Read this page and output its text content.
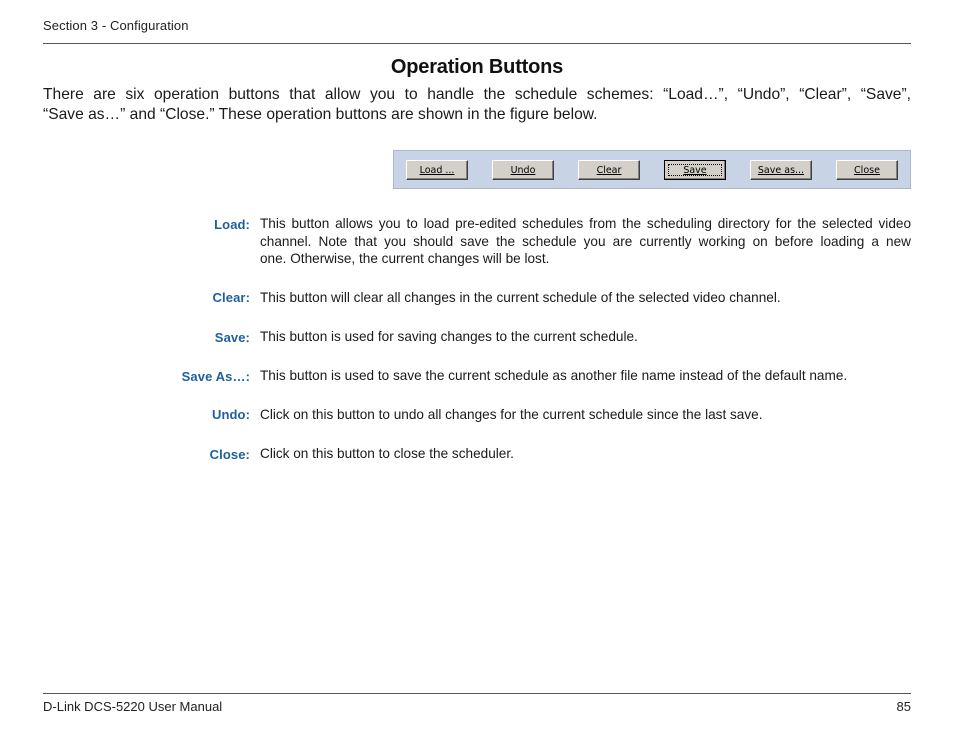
Section 3 - Configuration
Operation Buttons
There are six operation buttons that allow you to handle the schedule schemes: “Load…”, “Undo”, “Clear”, “Save”,
“Save as…” and “Close.” These operation buttons are shown in the figure below.
Load ...	Undo	Clear	Save	Save as...	Close
Load: This button allows you to load pre-edited schedules from the scheduling directory for the selected video
channel. Note that you should save the schedule you are currently working on before loading a new
one. Otherwise, the current changes will be lost.
Clear: This button will clear all changes in the current schedule of the selected video channel.
Save: This button is used for saving changes to the current schedule.
Save As…: This button is used to save the current schedule as another file name instead of the default name.
Undo: Click on this button to undo all changes for the current schedule since the last save.
Close: Click on this button to close the scheduler.
D-Link DCS-5220 User Manual	85
